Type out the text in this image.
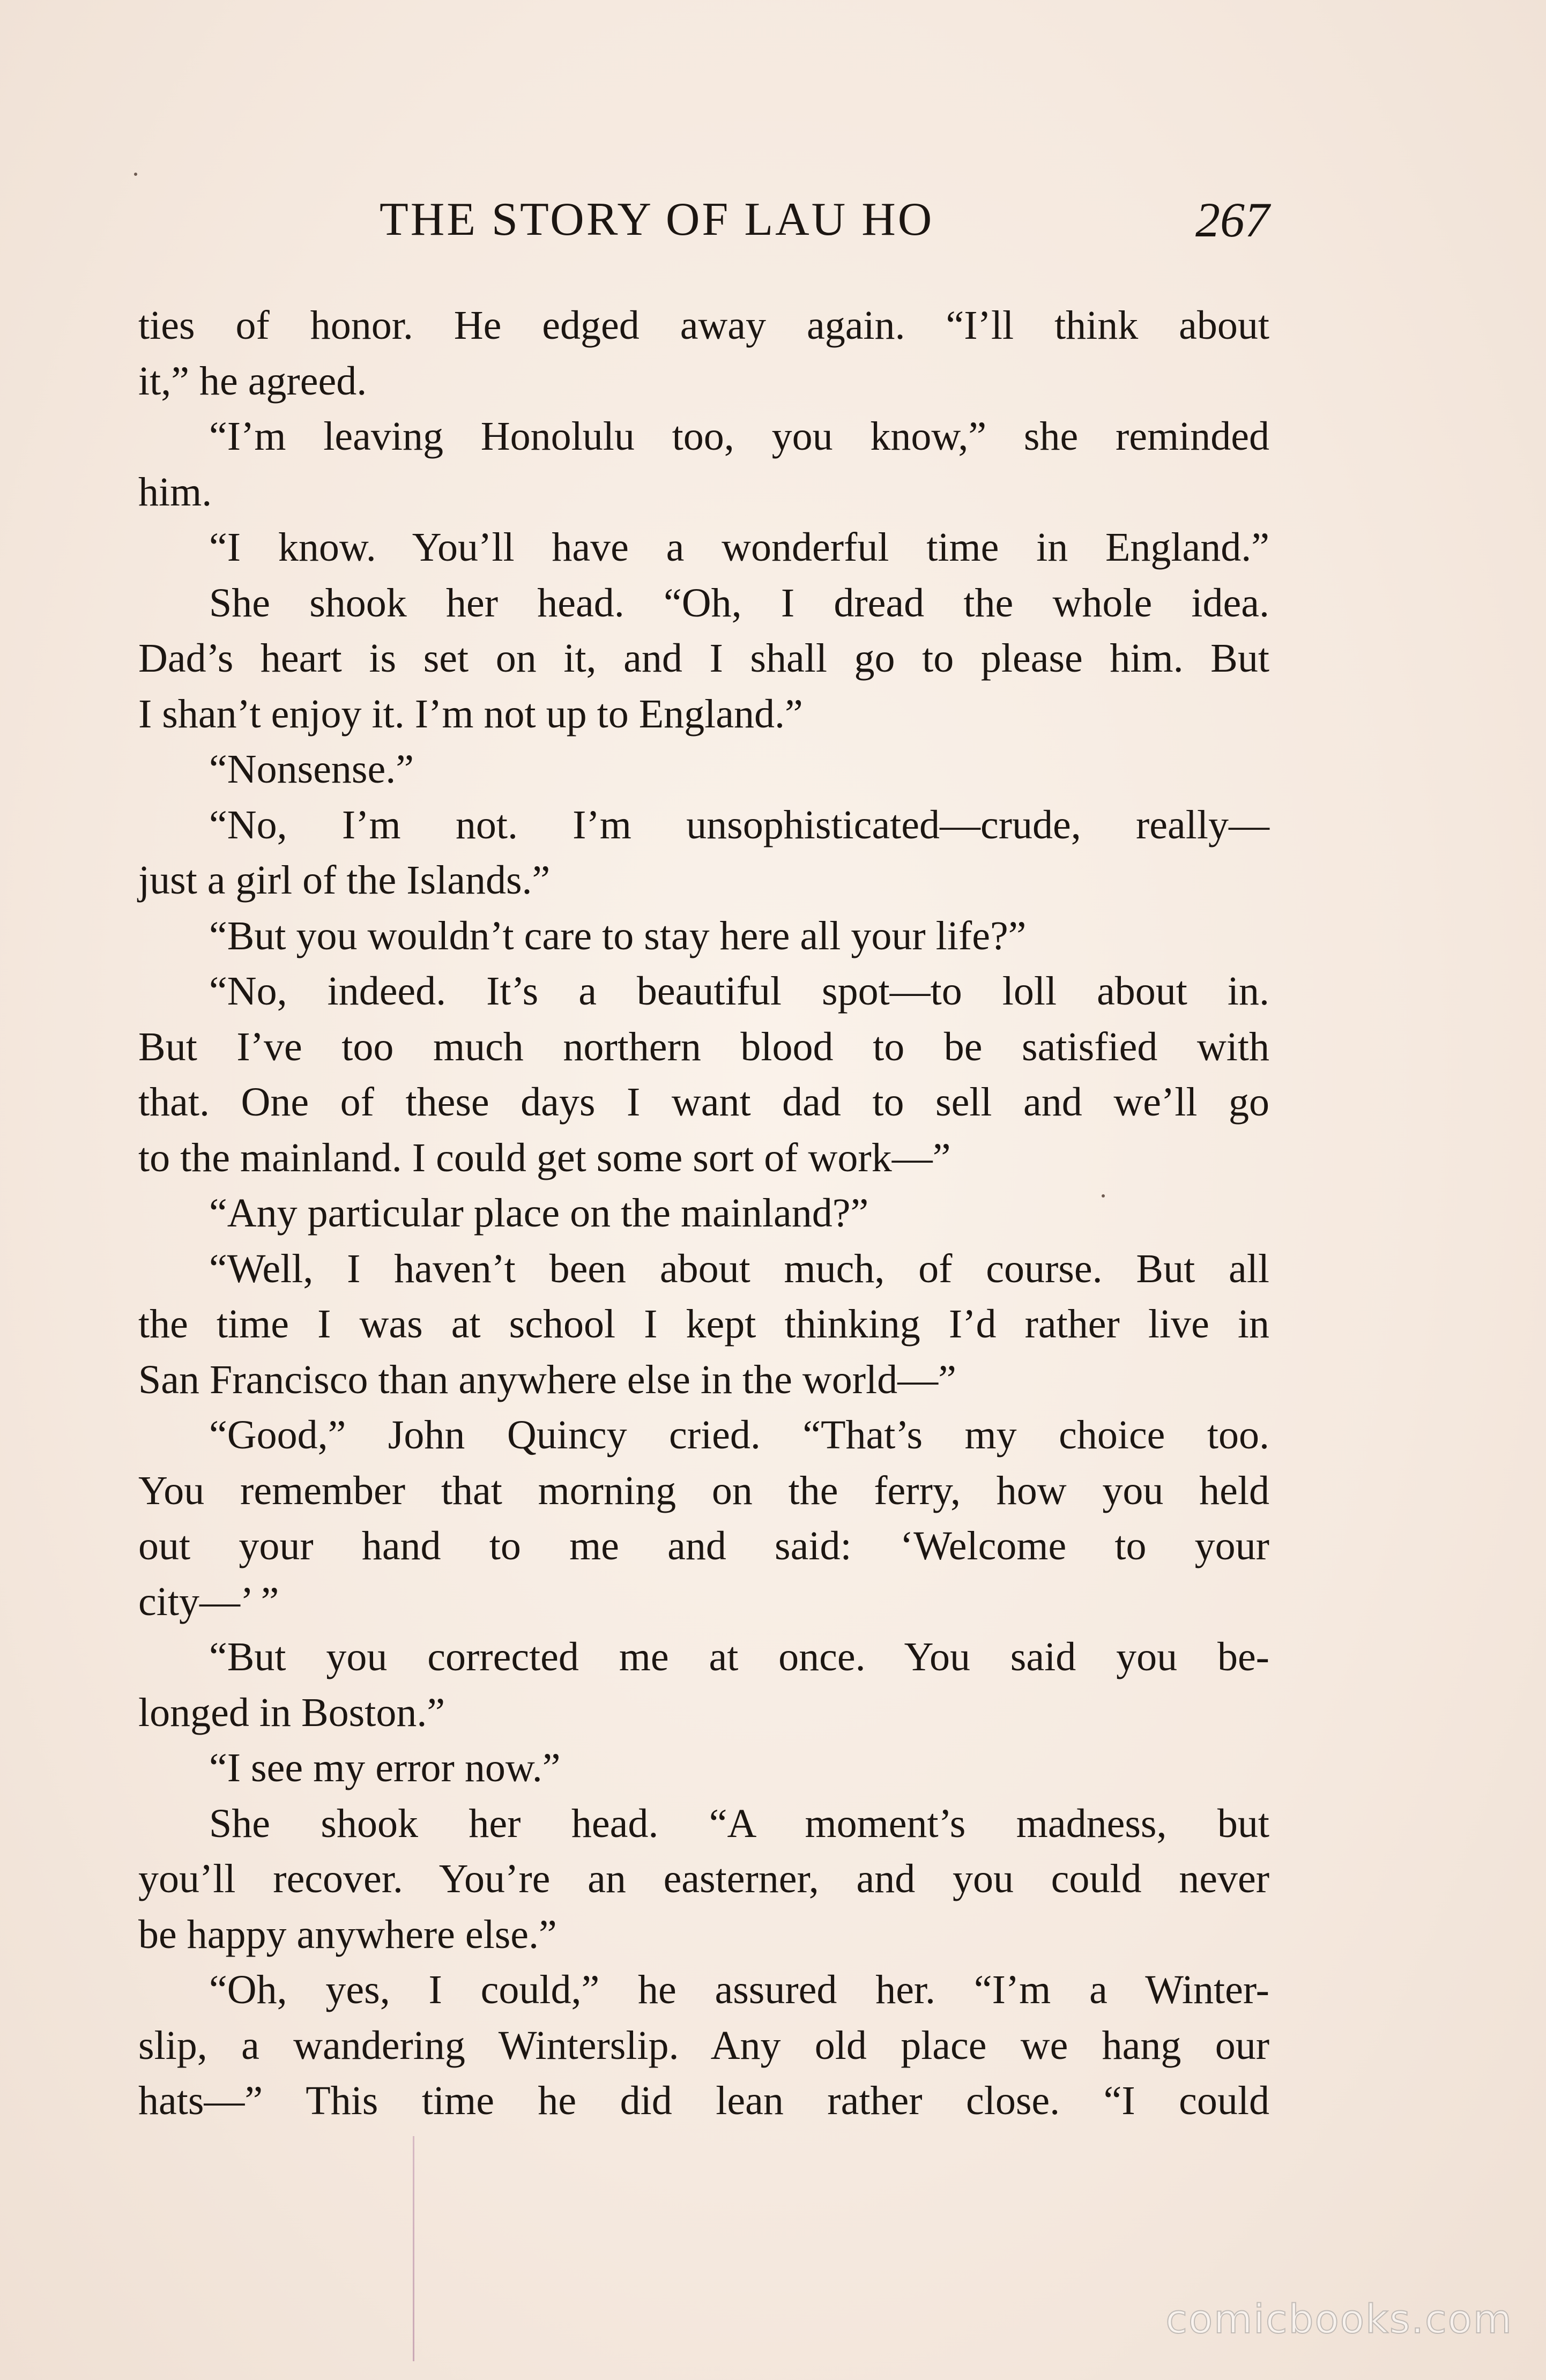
THE STORY OF LAU HO	267
ties of honor. He edged away again. “I’ll think about
it,” he agreed.
“I’m leaving Honolulu too, you know,” she reminded
him.
“I know. You’ll have a wonderful time in England.”
She shook her head. “Oh, I dread the whole idea.
Dad’s heart is set on it, and I shall go to please him. But
I shan’t enjoy it. I’m not up to England.”
“Nonsense.”
“No, I’m not. I’m unsophisticated—crude, really—
just a girl of the Islands.”
“But you wouldn’t care to stay here all your life?”
“No, indeed. It’s a beautiful spot—to loll about in.
But I’ve too much northern blood to be satisfied with
that. One of these days I want dad to sell and we’ll go
to the mainland. I could get some sort of work—”
“Any particular place on the mainland?”
“Well, I haven’t been about much, of course. But all
the time I was at school I kept thinking I’d rather live in
San Francisco than anywhere else in the world—”
“Good,” John Quincy cried. “That’s my choice too.
You remember that morning on the ferry, how you held
out your hand to me and said: ‘Welcome to your
city—’ ”
“But you corrected me at once. You said you be-
longed in Boston.”
“I see my error now.”
She shook her head. “A moment’s madness, but
you’ll recover. You’re an easterner, and you could never
be happy anywhere else.”
“Oh, yes, I could,” he assured her. “I’m a Winter-
slip, a wandering Winterslip. Any old place we hang our
hats—” This time he did lean rather close. “I could
comicbooks.com
